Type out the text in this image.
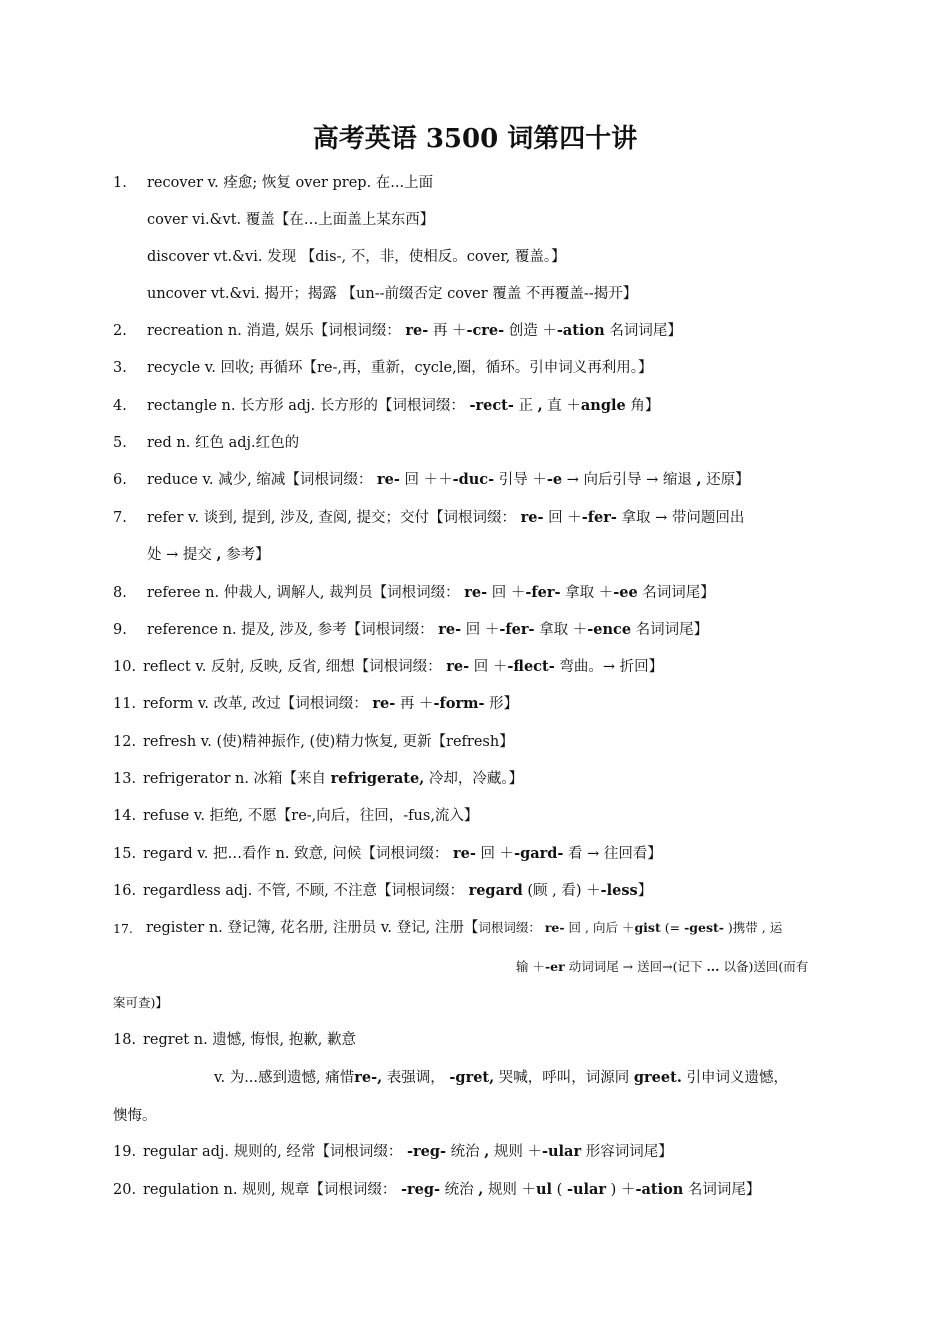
高考英语 3500 词第四十讲
1. recover v. 痊愈; 恢复 over prep. 在...上面
cover vi.&vt. 覆盖【在…上面盖上某东西】
discover vt.&vi. 发现 【dis-, 不，非，使相反。cover, 覆盖。】
uncover vt.&vi. 揭开；揭露 【un--前缀否定 cover 覆盖 不再覆盖--揭开】
2. recreation n. 消遣, 娱乐【词根词缀： re- 再 ＋-cre- 创造 ＋-ation 名词词尾】
3. recycle v. 回收; 再循环【re-,再，重新，cycle,圈，循环。引申词义再利用。】
4. rectangle n. 长方形 adj. 长方形的【词根词缀： -rect- 正 , 直 ＋angle 角】
5. red n. 红色 adj.红色的
6. reduce v. 减少, 缩减【词根词缀： re- 回 ＋＋-duc- 引导 ＋-e → 向后引导 → 缩退 , 还原】
7. refer v. 谈到, 提到, 涉及, 查阅, 提交；交付【词根词缀： re- 回 ＋-fer- 拿取 → 带问题回出
处 → 提交 , 参考】
8. referee n. 仲裁人, 调解人, 裁判员【词根词缀： re- 回 ＋-fer- 拿取 ＋-ee 名词词尾】
9. reference n. 提及, 涉及, 参考【词根词缀： re- 回 ＋-fer- 拿取 ＋-ence 名词词尾】
10. reflect v. 反射, 反映, 反省, 细想【词根词缀： re- 回 ＋-flect- 弯曲。→ 折回】
11. reform v. 改革, 改过【词根词缀： re- 再 ＋-form- 形】
12. refresh v. (使)精神振作, (使)精力恢复, 更新【refresh】
13. refrigerator n. 冰箱【来自 refrigerate, 冷却，冷藏。】
14. refuse v. 拒绝, 不愿【re-,向后，往回，-fus,流入】
15. regard v. 把…看作 n. 致意, 问候【词根词缀： re- 回 ＋-gard- 看 → 往回看】
16. regardless adj. 不管, 不顾, 不注意【词根词缀： regard (顾 , 看) ＋-less】
17. register n. 登记簿, 花名册, 注册员 v. 登记, 注册【词根词缀： re- 回 , 向后 ＋gist (= -gest- )携带 , 运
输 ＋-er 动词词尾 → 送回→(记下 ... 以备)送回(而有
案可查)】
18. regret n. 遗憾, 悔恨, 抱歉, 歉意
v. 为...感到遗憾, 痛惜re-, 表强调， -gret, 哭喊，呼叫，词源同 greet. 引申词义遗憾，
懊悔。
19. regular adj. 规则的, 经常【词根词缀： -reg- 统治 , 规则 ＋-ular 形容词词尾】
20. regulation n. 规则, 规章【词根词缀： -reg- 统治 , 规则 ＋ul ( -ular ) ＋-ation 名词词尾】
